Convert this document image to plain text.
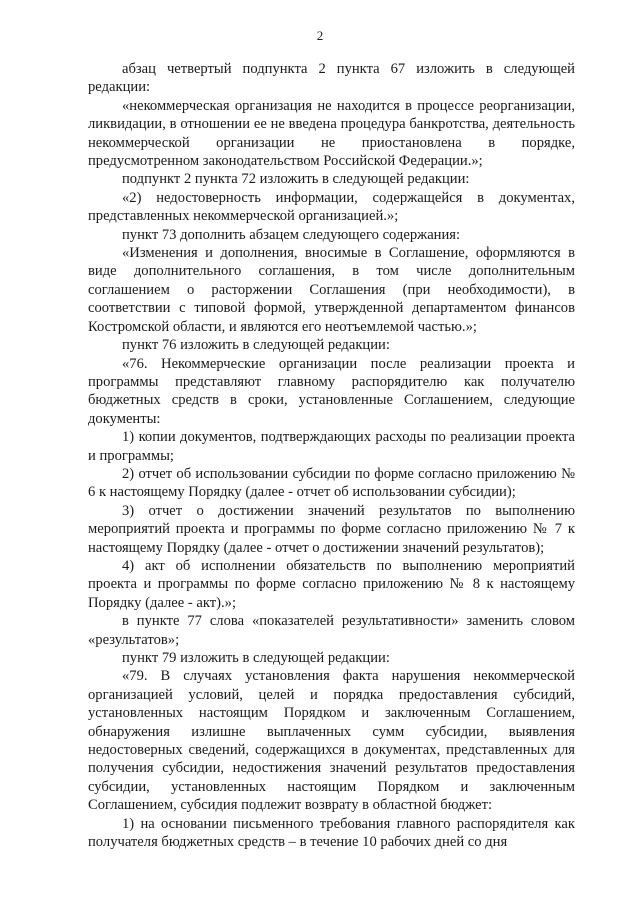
2

абзац четвертый подпункта 2 пункта 67 изложить в следующей редакции:

«некоммерческая организация не находится в процессе реорганизации, ликвидации, в отношении ее не введена процедура банкротства, деятельность некоммерческой организации не приостановлена в порядке, предусмотренном законодательством Российской Федерации.»;

подпункт 2 пункта 72 изложить в следующей редакции:

«2) недостоверность информации, содержащейся в документах, представленных некоммерческой организацией.»;

пункт 73 дополнить абзацем следующего содержания:

«Изменения и дополнения, вносимые в Соглашение, оформляются в виде дополнительного соглашения, в том числе дополнительным соглашением о расторжении Соглашения (при необходимости), в соответствии с типовой формой, утвержденной департаментом финансов Костромской области, и являются его неотъемлемой частью.»;

пункт 76 изложить в следующей редакции:

«76. Некоммерческие организации после реализации проекта и программы представляют главному распорядителю как получателю бюджетных средств в сроки, установленные Соглашением, следующие документы:

1) копии документов, подтверждающих расходы по реализации проекта и программы;

2) отчет об использовании субсидии по форме согласно приложению № 6 к настоящему Порядку (далее - отчет об использовании субсидии);

3) отчет о достижении значений результатов по выполнению мероприятий проекта и программы по форме согласно приложению № 7 к настоящему Порядку (далее - отчет о достижении значений результатов);

4) акт об исполнении обязательств по выполнению мероприятий проекта и программы по форме согласно приложению № 8 к настоящему Порядку (далее - акт).»;

в пункте 77 слова «показателей результативности» заменить словом «результатов»;

пункт 79 изложить в следующей редакции:

«79. В случаях установления факта нарушения некоммерческой организацией условий, целей и порядка предоставления субсидий, установленных настоящим Порядком и заключенным Соглашением, обнаружения излишне выплаченных сумм субсидии, выявления недостоверных сведений, содержащихся в документах, представленных для получения субсидии, недостижения значений результатов предоставления субсидии, установленных настоящим Порядком и заключенным Соглашением, субсидия подлежит возврату в областной бюджет:

1) на основании письменного требования главного распорядителя как получателя бюджетных средств – в течение 10 рабочих дней со дня
